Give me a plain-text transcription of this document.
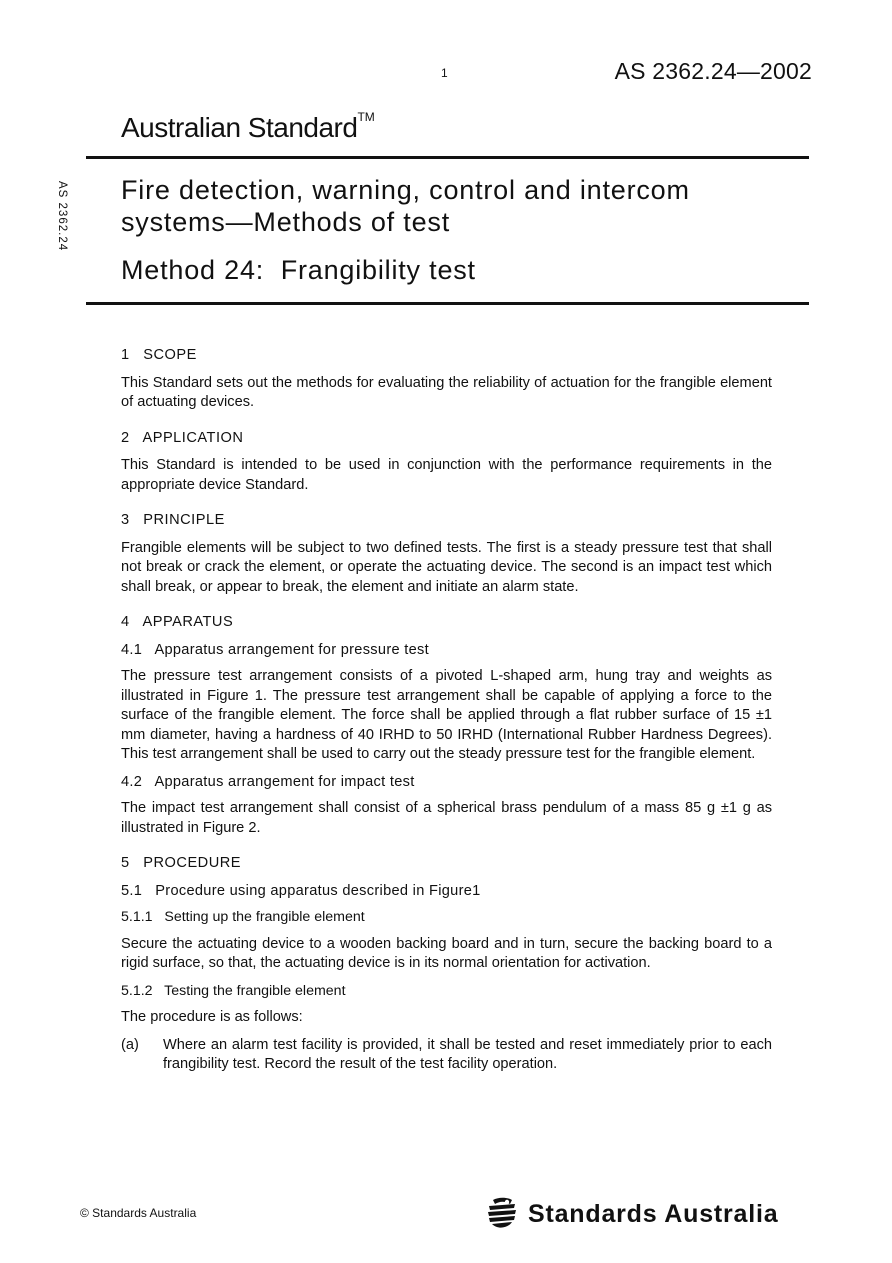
1	AS 2362.24—2002
AS 2362.24
Australian Standard™
Fire detection, warning, control and intercom systems—Methods of test
Method 24:  Frangibility test
1   SCOPE
This Standard sets out the methods for evaluating the reliability of actuation for the frangible element of actuating devices.
2   APPLICATION
This Standard is intended to be used in conjunction with the performance requirements in the appropriate device Standard.
3   PRINCIPLE
Frangible elements will be subject to two defined tests. The first is a steady pressure test that shall not break or crack the element, or operate the actuating device. The second is an impact test which shall break, or appear to break, the element and initiate an alarm state.
4   APPARATUS
4.1   Apparatus arrangement for pressure test
The pressure test arrangement consists of a pivoted L-shaped arm, hung tray and weights as illustrated in Figure 1. The pressure test arrangement shall be capable of applying a force to the surface of the frangible element. The force shall be applied through a flat rubber surface of 15 ±1 mm diameter, having a hardness of 40 IRHD to 50 IRHD (International Rubber Hardness Degrees). This test arrangement shall be used to carry out the steady pressure test for the frangible element.
4.2   Apparatus arrangement for impact test
The impact test arrangement shall consist of a spherical brass pendulum of a mass 85 g ±1 g as illustrated in Figure 2.
5   PROCEDURE
5.1   Procedure using apparatus described in Figure1
5.1.1   Setting up the frangible element
Secure the actuating device to a wooden backing board and in turn, secure the backing board to a rigid surface, so that, the actuating device is in its normal orientation for activation.
5.1.2   Testing the frangible element
The procedure is as follows:
(a)	Where an alarm test facility is provided, it shall be tested and reset immediately prior to each frangibility test. Record the result of the test facility operation.
© Standards Australia	Standards Australia
